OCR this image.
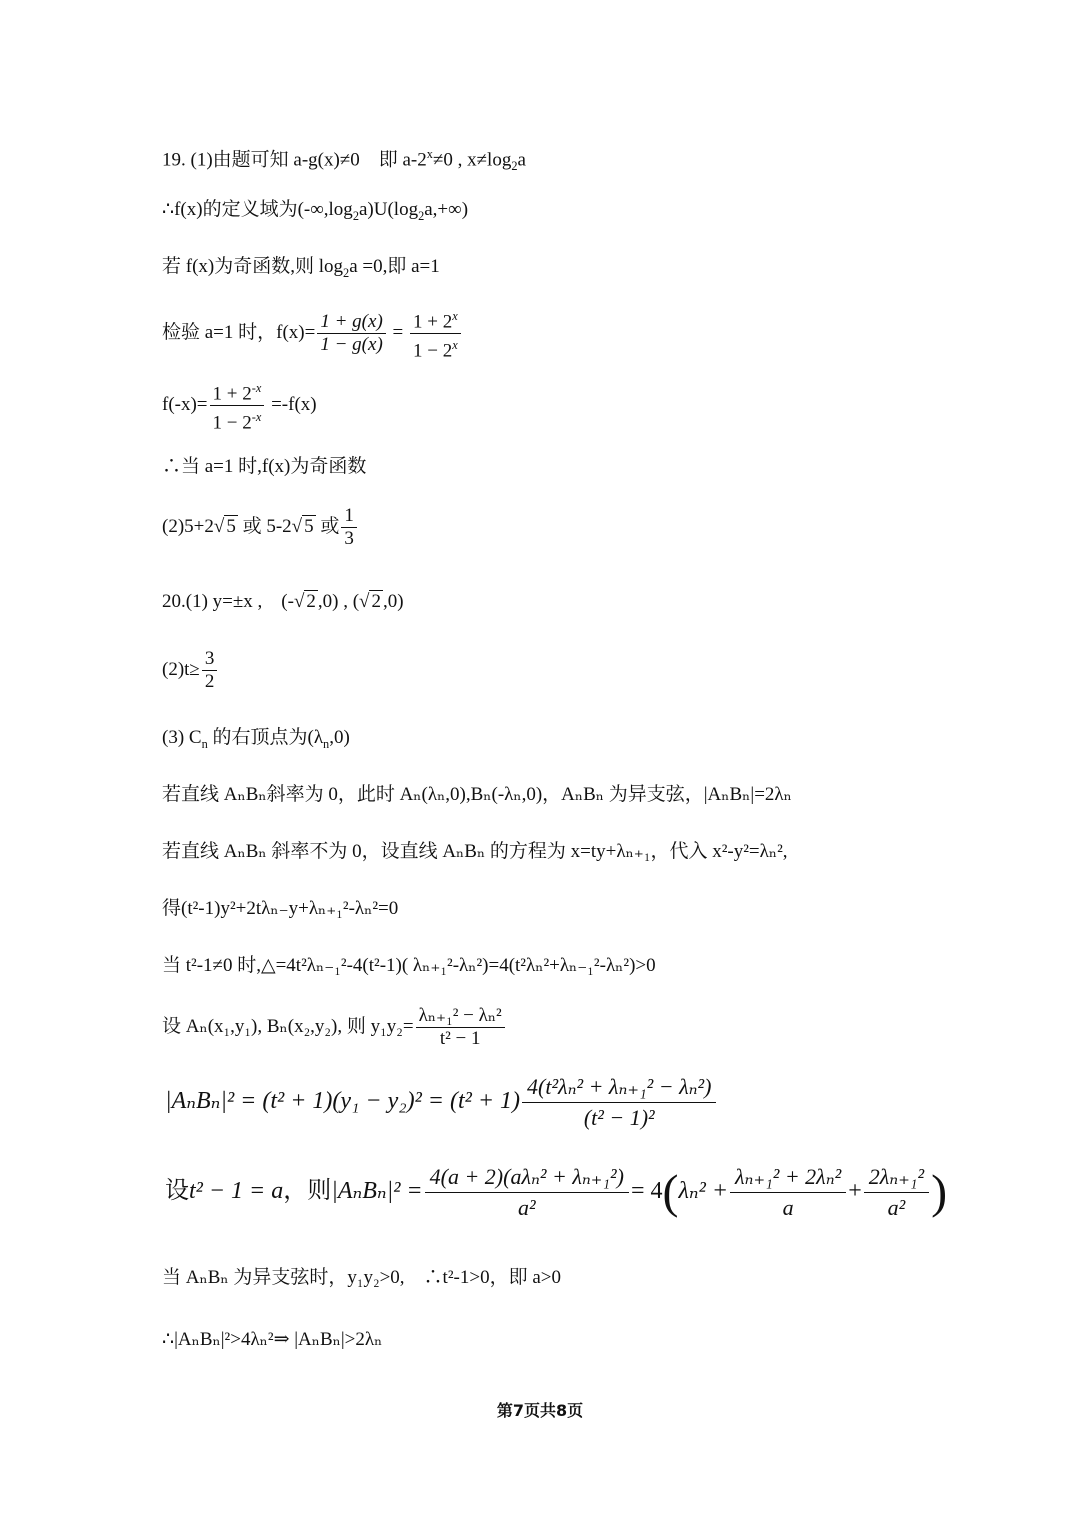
19. (1)由题可知 a-g(x)≠0　即 $a-2^x\ne 0$ , $x\ne\log_2a$
∴f(x)的定义域为$(-\infty,\log_2a)U(\log_2a,+\infty)$
若 f(x)为奇函数,则 $\log_2a =0$,即 a=1
检验 a=1 时，$f(x)= \frac{1 + g(x)}{1 - g(x)} = \frac{1 + 2^x}{1 - 2^x}$
$f(-x)= \frac{1 + 2^{-x}}{1 - 2^{-x}} =-f(x)$
∴当 a=1 时,f(x)为奇函数
(2)5+2√ 5 或 5-2√ 5 或 $\frac{1}{3}$
20.(1) y=±x ,　(-√ 2 ,0) , (√ 2 ,0)
$(2)t\ge \frac{3}{2}$
(3) $C_n$ 的右顶点为$(\lambda_n,0)$
若直线 AₙBₙ斜率为 0，此时 Aₙ(λₙ,0),Bₙ(-λₙ,0)，AₙBₙ 为异支弦，|AₙBₙ|=2λₙ
若直线 AₙBₙ 斜率不为 0，设直线 AₙBₙ 的方程为 x=ty+λₙ₊₁，代入 x²-y²=λₙ²,
得(t²-1)y²+2tλₙ₋y+λₙ₊₁²-λₙ²=0
当 t²-1≠0 时,△=4t²λₙ₋₁²-4(t²-1)( λₙ₊₁²-λₙ²)=4(t²λₙ²+λₙ₋₁²-λₙ²)>0
设 Aₙ(x₁,y₁), Bₙ(x₂,y₂), 则 $y_1y_2= \frac{\text{λₙ₊₁² − λₙ²}}{\text{t² − 1}}$
$|A_nB_n|^2 = (t^2 + 1)(y_1 - y_2)^2 = (t^2 + 1) \frac{\text{4(t²λₙ² + λₙ₊₁² − λₙ²)}}{\text{(t² − 1)²}}$
设t² − 1 = a，则$|A_nB_n|^2 = \frac{\text{4(a + 2)(aλₙ² + λₙ₊₁²)}}{\text{a²}} = 4(\lambda_n^2 + \frac{\text{λₙ₊₁² + 2λₙ²}}{a} + \frac{\text{2λₙ₊₁²}}{\text{a²}}$ )
当 AₙBₙ 为异支弦时，y₁y₂>0,　∴t²-1>0，即 a>0
∴|AₙBₙ|²>4λₙ²⇒ |AₙBₙ|>2λₙ
第7页共8页
